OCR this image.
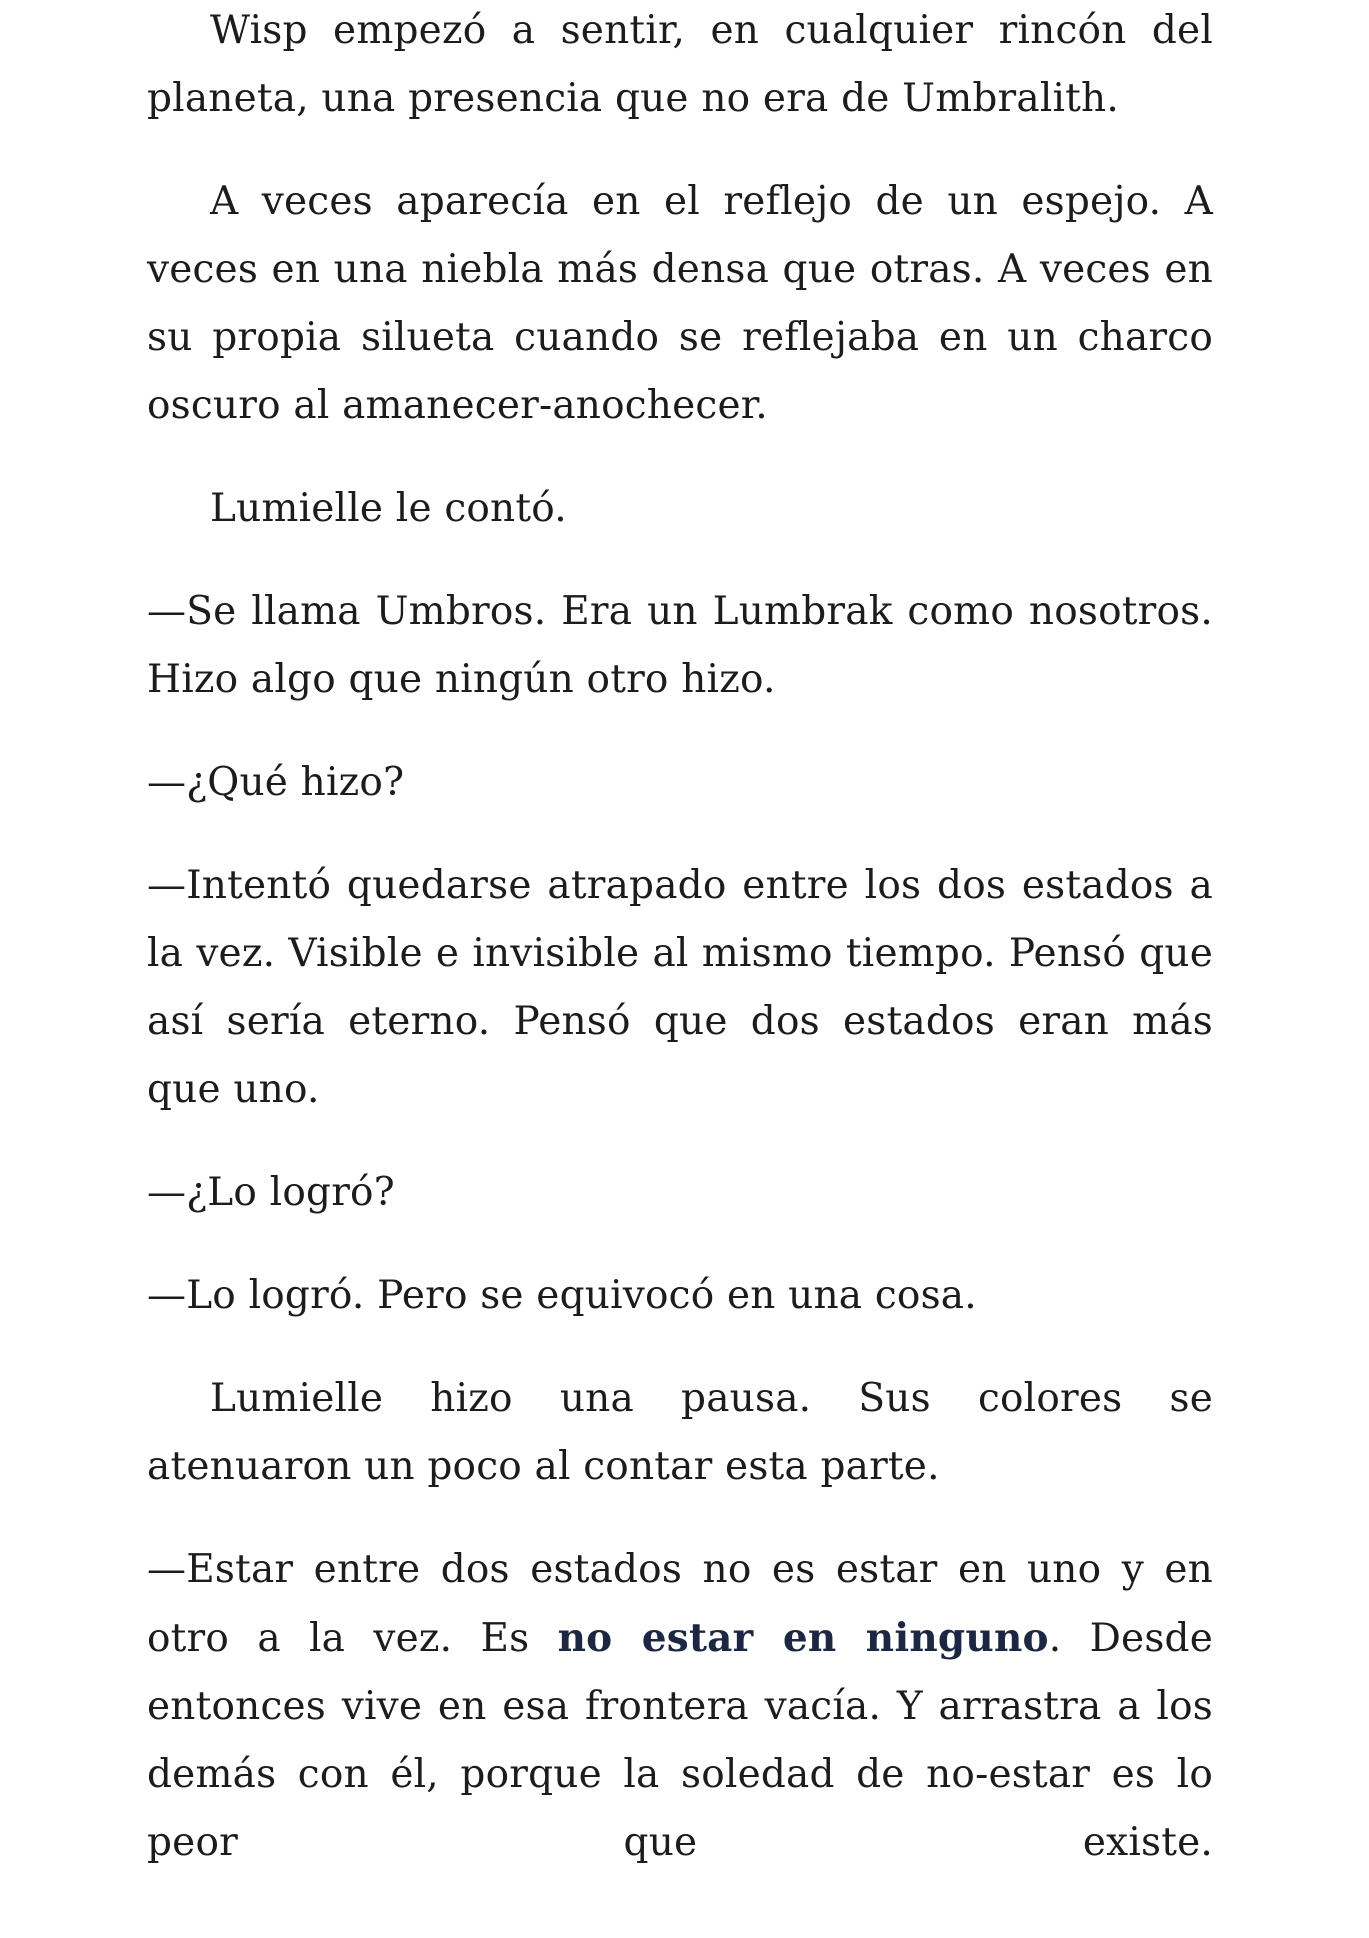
Wisp empezó a sentir, en cualquier rincón del planeta, una presencia que no era de Umbralith.

A veces aparecía en el reflejo de un espejo. A veces en una niebla más densa que otras. A veces en su propia silueta cuando se reflejaba en un charco oscuro al amanecer-anochecer.

Lumielle le contó.

—Se llama Umbros. Era un Lumbrak como nosotros. Hizo algo que ningún otro hizo.

—¿Qué hizo?

—Intentó quedarse atrapado entre los dos estados a la vez. Visible e invisible al mismo tiempo. Pensó que así sería eterno. Pensó que dos estados eran más que uno.

—¿Lo logró?

—Lo logró. Pero se equivocó en una cosa.

Lumielle hizo una pausa. Sus colores se atenuaron un poco al contar esta parte.

—Estar entre dos estados no es estar en uno y en otro a la vez. Es no estar en ninguno. Desde entonces vive en esa frontera vacía. Y arrastra a los demás con él, porque la soledad de no-estar es lo peor que existe.
